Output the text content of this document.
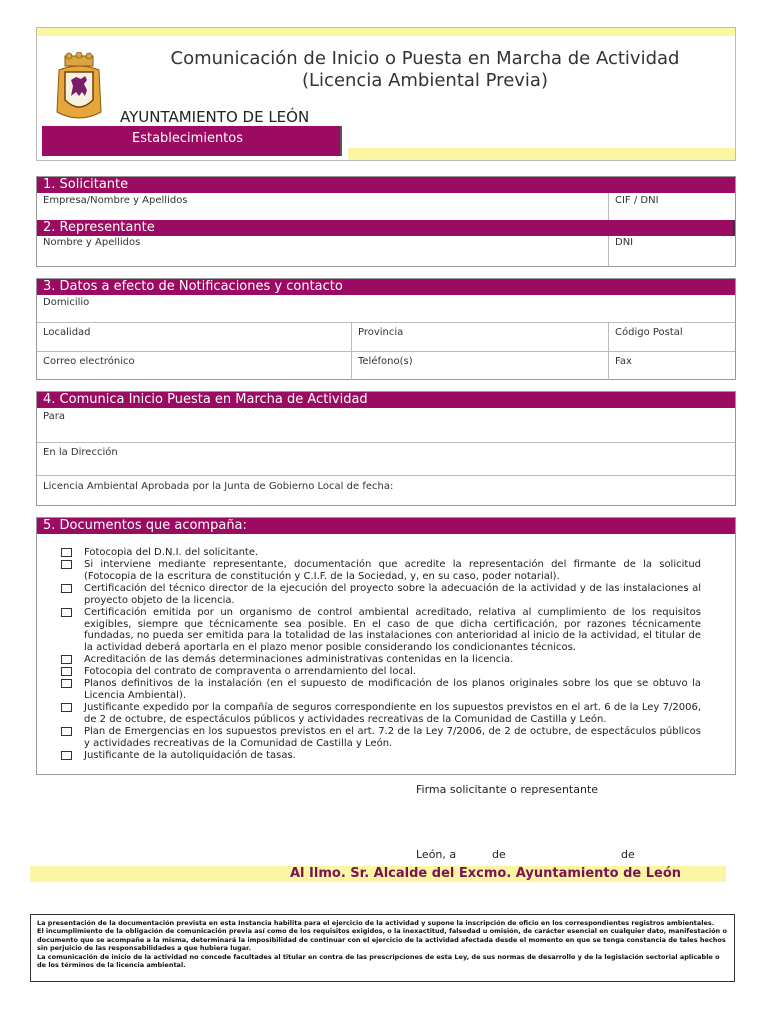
Comunicación de Inicio o Puesta en Marcha de Actividad
(Licencia Ambiental Previa)
AYUNTAMIENTO DE LEÓN
Establecimientos
1. Solicitante
Empresa/Nombre y Apellidos	CIF / DNI
2. Representante
Nombre y Apellidos	DNI
3. Datos a efecto de Notificaciones y contacto
Domicilio
Localidad	Provincia	Código Postal
Correo electrónico	Teléfono(s)	Fax
4. Comunica Inicio Puesta en Marcha de Actividad
Para
En la Dirección
Licencia Ambiental Aprobada por la Junta de Gobierno Local de fecha:
5. Documentos que acompaña:
Fotocopia del D.N.I. del solicitante.
Si interviene mediante representante, documentación que acredite la representación del firmante de la solicitud (Fotocopia de la escritura de constitución y C.I.F. de la Sociedad, y, en su caso, poder notarial).
Certificación del técnico director de la ejecución del proyecto sobre la adecuación de la actividad y de las instalaciones al proyecto objeto de la licencia.
Certificación emitida por un organismo de control ambiental acreditado, relativa al cumplimiento de los requisitos exigibles, siempre que técnicamente sea posible. En el caso de que dicha certificación, por razones técnicamente fundadas, no pueda ser emitida para la totalidad de las instalaciones con anterioridad al inicio de la actividad, el titular de la actividad deberá aportarla en el plazo menor posible considerando los condicionantes técnicos.
Acreditación de las demás determinaciones administrativas contenidas en la licencia.
Fotocopia del contrato de compraventa o arrendamiento del local.
Planos definitivos de la instalación (en el supuesto de modificación de los planos originales sobre los que se obtuvo la Licencia Ambiental).
Justificante expedido por la compañía de seguros correspondiente en los supuestos previstos en el art. 6 de la Ley 7/2006, de 2 de octubre, de espectáculos públicos y actividades recreativas de la Comunidad de Castilla y León.
Plan de Emergencias en los supuestos previstos en el art. 7.2 de la Ley 7/2006, de 2 de octubre, de espectáculos públicos y actividades recreativas de la Comunidad de Castilla y León.
Justificante de la autoliquidación de tasas.
Firma solicitante o representante
León, a	de	de
Al Ilmo. Sr. Alcalde del Excmo. Ayuntamiento de León
La presentación de la documentación prevista en esta Instancia habilita para el ejercicio de la actividad y supone la inscripción de oficio en los correspondientes registros ambientales.
El incumplimiento de la obligación de comunicación previa así como de los requisitos exigidos, o la inexactitud, falsedad u omisión, de carácter esencial en cualquier dato, manifestación o documento que se acompañe a la misma, determinará la imposibilidad de continuar con el ejercicio de la actividad afectada desde el momento en que se tenga constancia de tales hechos sin perjuicio de las responsabilidades a que hubiera lugar.
La comunicación de inicio de la actividad no concede facultades al titular en contra de las prescripciones de esta Ley, de sus normas de desarrollo y de la legislación sectorial aplicable o de los términos de la licencia ambiental.
